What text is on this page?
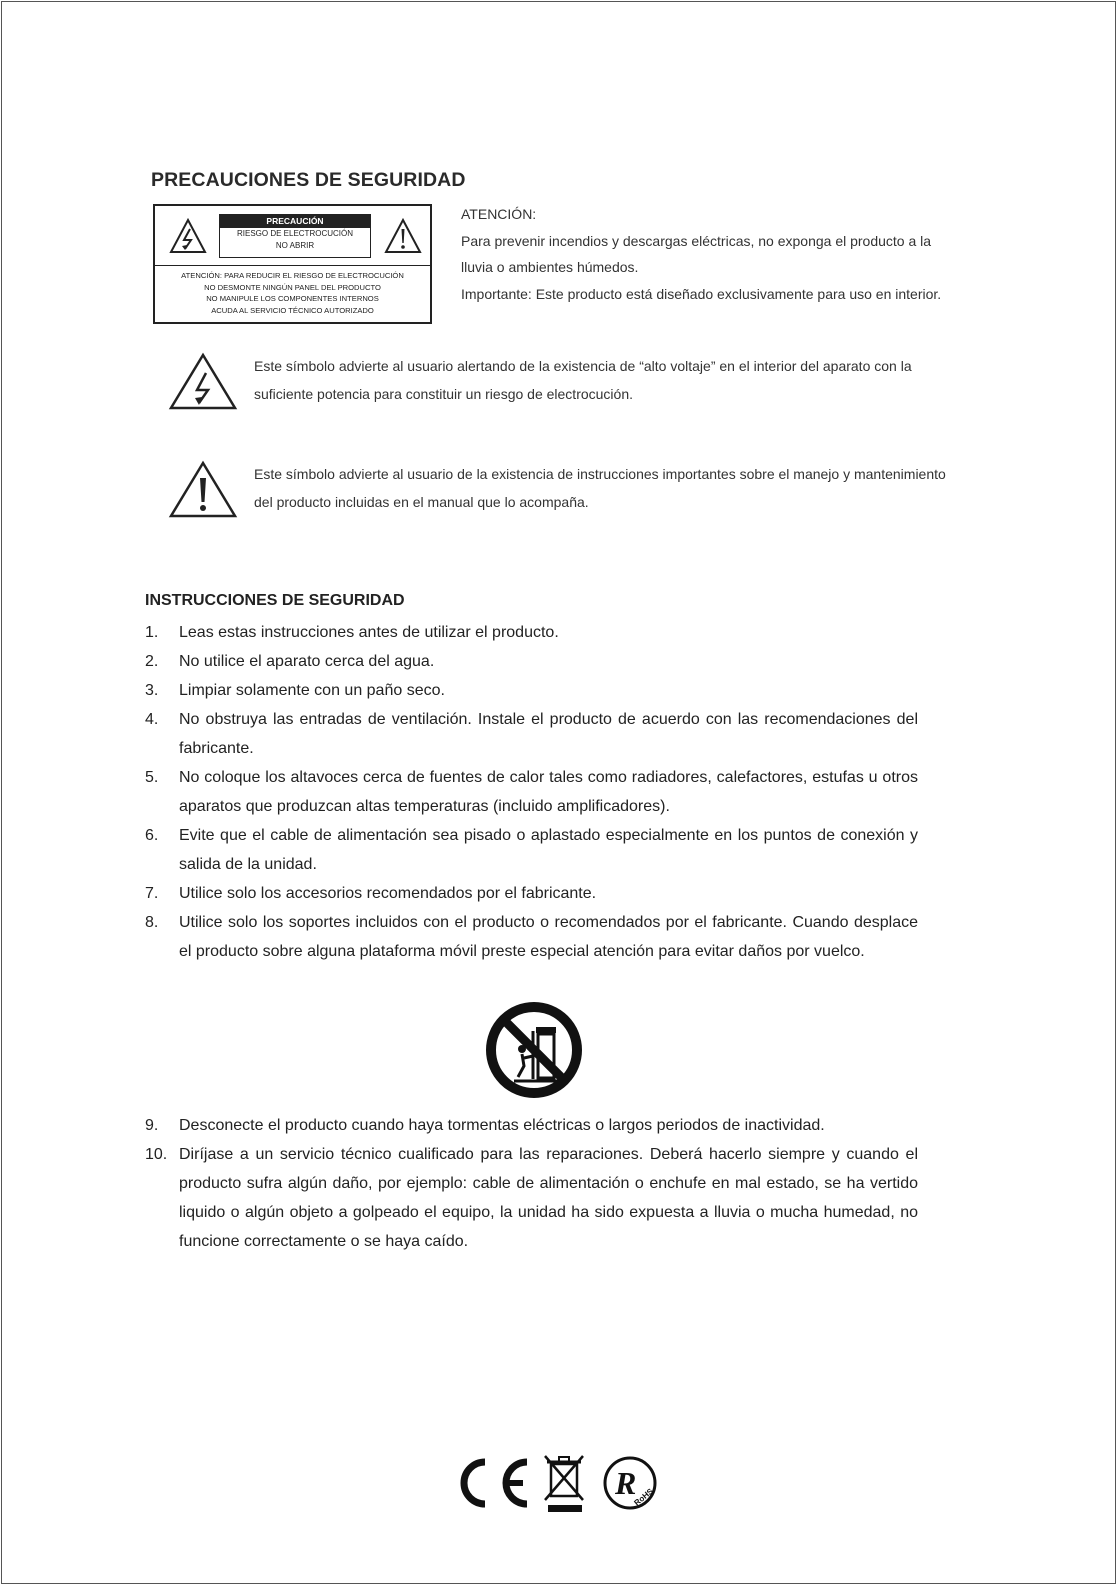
PRECAUCIONES DE SEGURIDAD
PRECAUCIÓN
RIESGO DE ELECTROCUCIÓN
NO ABRIR
ATENCIÓN: PARA REDUCIR EL RIESGO DE ELECTROCUCIÓN
NO DESMONTE NINGÚN PANEL DEL PRODUCTO
NO MANIPULE LOS COMPONENTES INTERNOS
ACUDA AL SERVICIO TÉCNICO AUTORIZADO
ATENCIÓN:
Para prevenir incendios y descargas eléctricas, no exponga el producto a la lluvia o ambientes húmedos.
Importante: Este producto está diseñado exclusivamente para uso en interior.
Este símbolo advierte al usuario alertando de la existencia de “alto voltaje” en el interior del aparato con la suficiente potencia para constituir un riesgo de electrocución.
Este símbolo advierte al usuario de la existencia de instrucciones importantes sobre el manejo y mantenimiento del producto incluidas en el manual que lo acompaña.
INSTRUCCIONES DE SEGURIDAD
1. Leas estas instrucciones antes de utilizar el producto.
2. No utilice el aparato cerca del agua.
3. Limpiar solamente con un paño seco.
4. No obstruya las entradas de ventilación. Instale el producto de acuerdo con las recomendaciones del fabricante.
5. No coloque los altavoces cerca de fuentes de calor tales como radiadores, calefactores, estufas u otros aparatos que produzcan altas temperaturas (incluido amplificadores).
6. Evite que el cable de alimentación sea pisado o aplastado especialmente en los puntos de conexión y salida de la unidad.
7. Utilice solo los accesorios recomendados por el fabricante.
8. Utilice solo los soportes incluidos con el producto o recomendados por el fabricante. Cuando desplace el producto sobre alguna plataforma móvil preste especial atención para evitar daños por vuelco.
9. Desconecte el producto cuando haya tormentas eléctricas o largos periodos de inactividad.
10. Diríjase a un servicio técnico cualificado para las reparaciones. Deberá hacerlo siempre y cuando el producto sufra algún daño, por ejemplo: cable de alimentación o enchufe en mal estado, se ha vertido liquido o algún objeto a golpeado el equipo, la unidad ha sido expuesta a lluvia o mucha humedad, no funcione correctamente o se haya caído.
R
RoHS
